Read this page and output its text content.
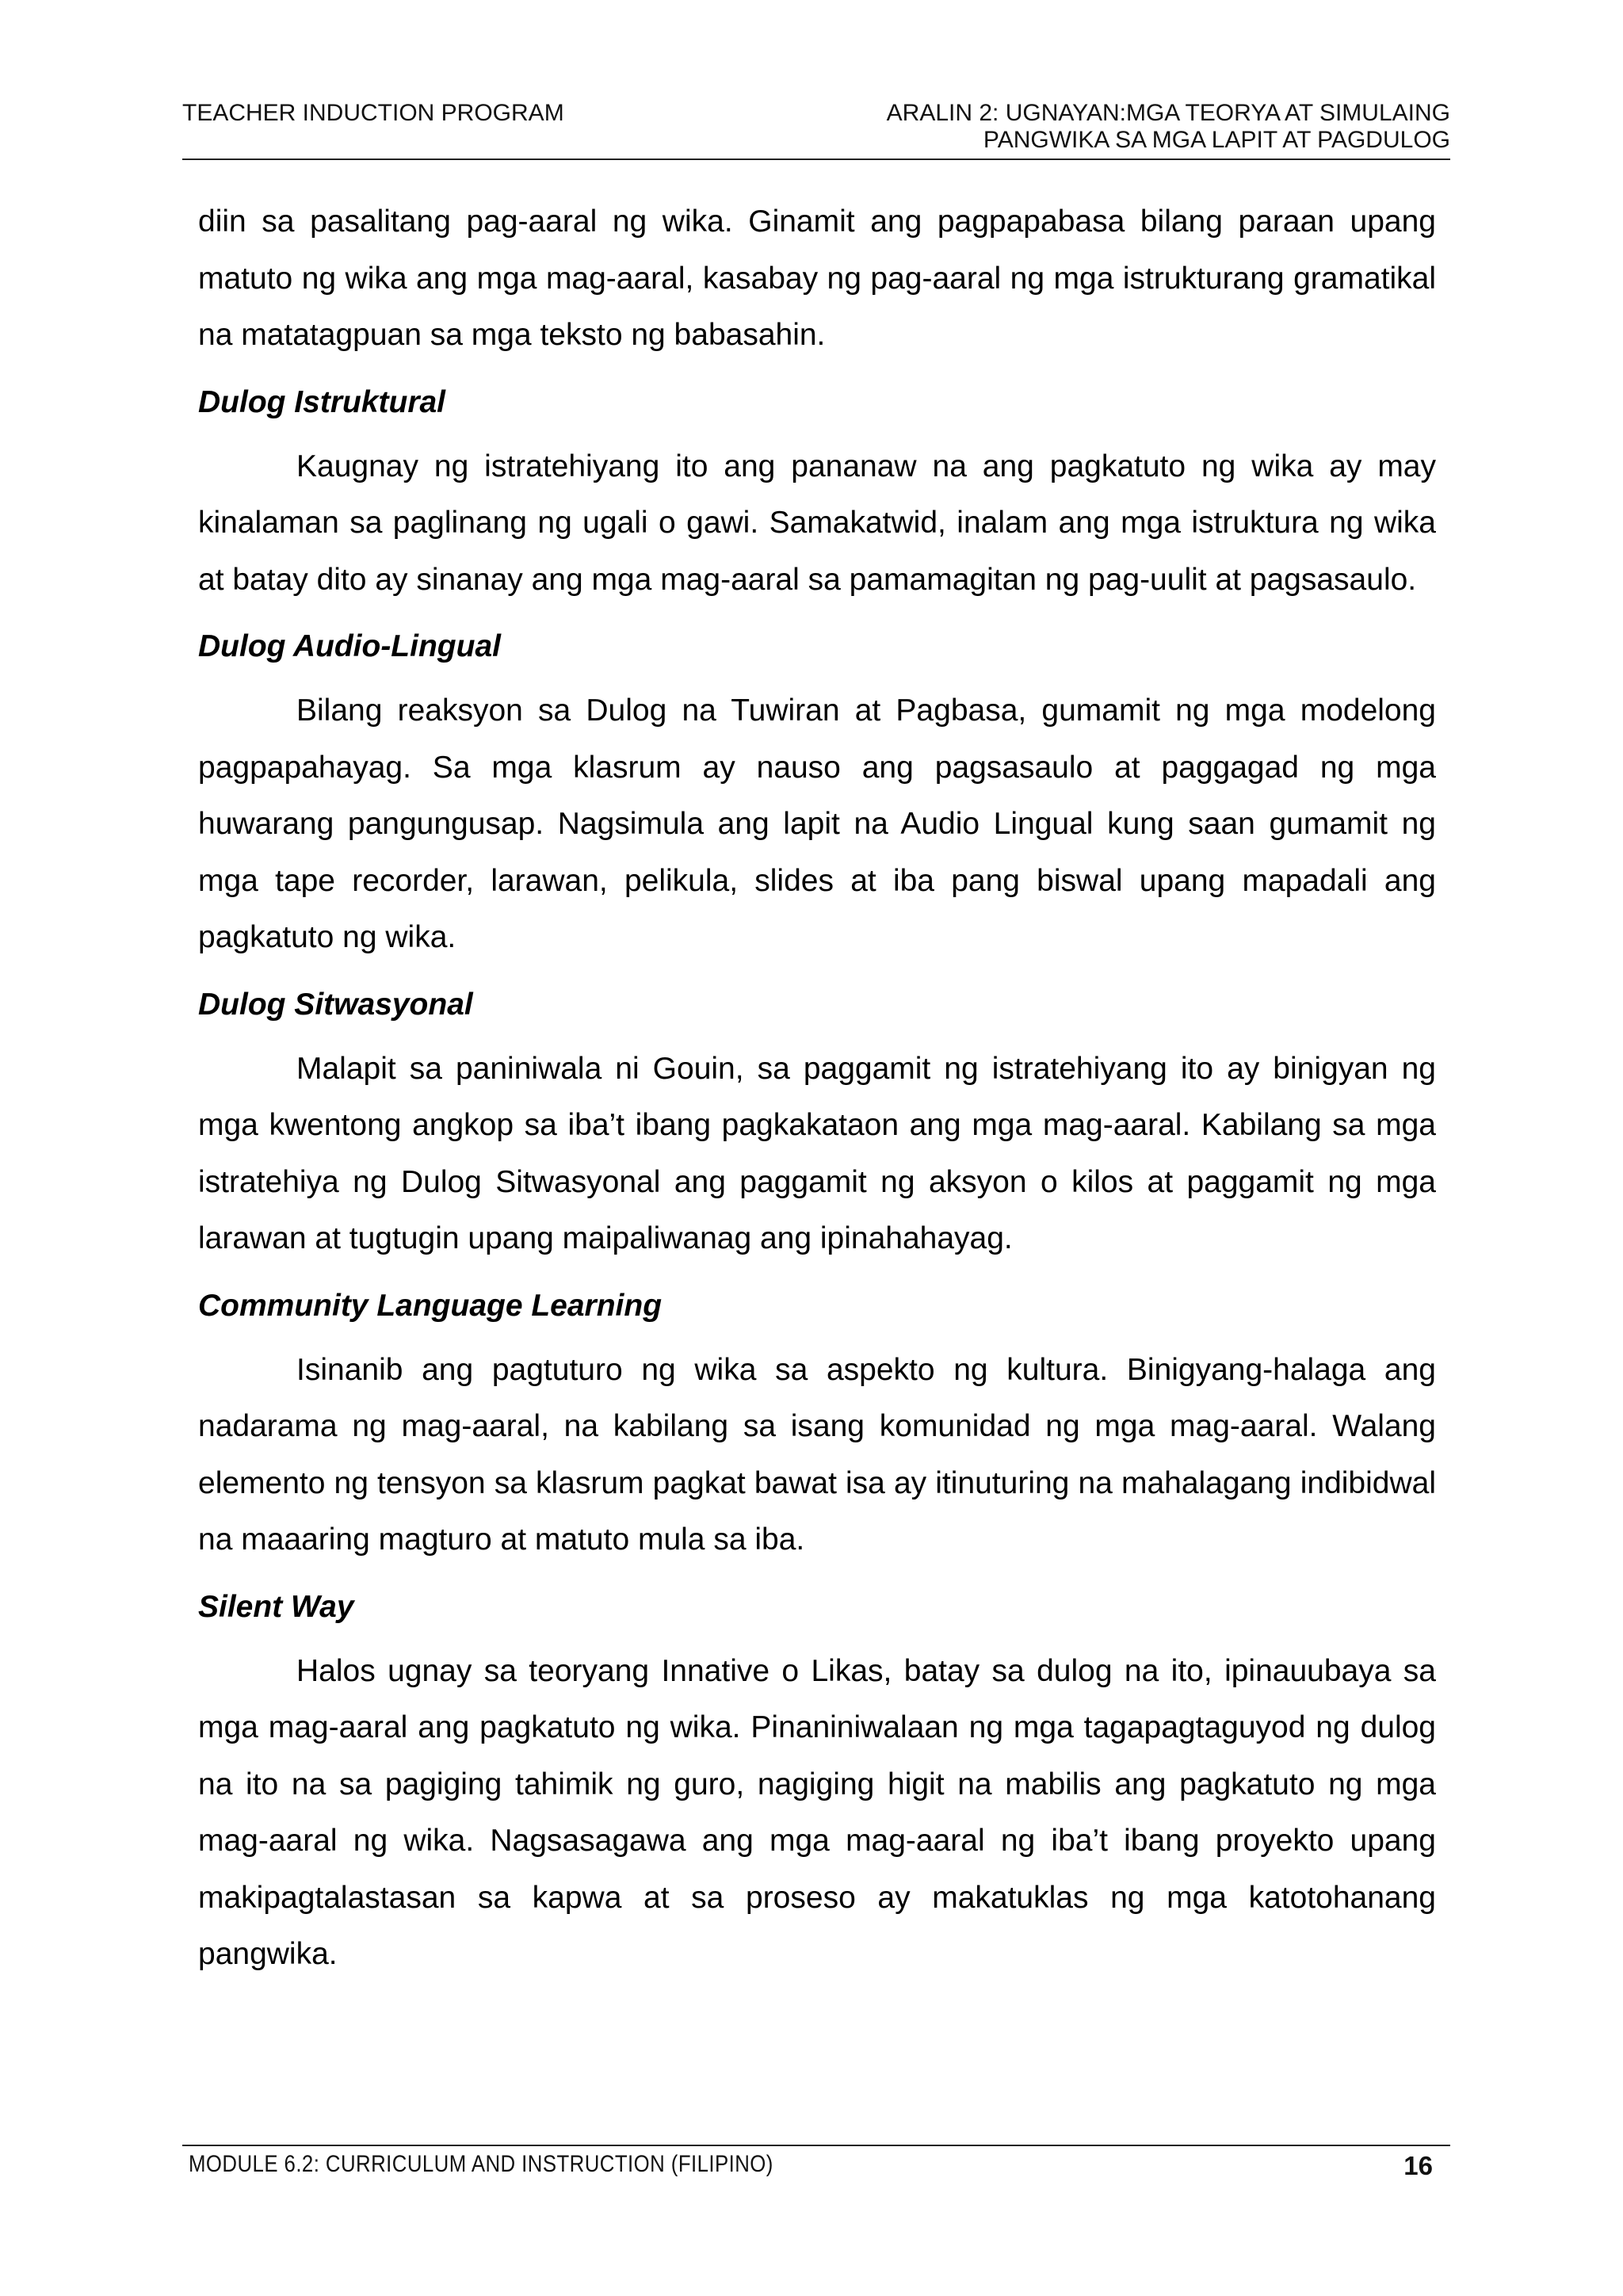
TEACHER INDUCTION PROGRAM	ARALIN 2: UGNAYAN:MGA TEORYA AT SIMULAING
PANGWIKA SA MGA LAPIT AT PAGDULOG

diin sa pasalitang pag-aaral ng wika. Ginamit ang pagpapabasa bilang paraan upang matuto ng wika ang mga mag-aaral, kasabay ng pag-aaral ng mga istrukturang gramatikal na matatagpuan sa mga teksto ng babasahin.

Dulog Istruktural

Kaugnay ng istratehiyang ito ang pananaw na ang pagkatuto ng wika ay may kinalaman sa paglinang ng ugali o gawi. Samakatwid, inalam ang mga istruktura ng wika at batay dito ay sinanay ang mga mag-aaral sa pamamagitan ng pag-uulit at pagsasaulo.

Dulog Audio-Lingual

Bilang reaksyon sa Dulog na Tuwiran at Pagbasa, gumamit ng mga modelong pagpapahayag. Sa mga klasrum ay nauso ang pagsasaulo at paggagad ng mga huwarang pangungusap. Nagsimula ang lapit na Audio Lingual kung saan gumamit ng mga tape recorder, larawan, pelikula, slides at iba pang biswal upang mapadali ang pagkatuto ng wika.

Dulog Sitwasyonal

Malapit sa paniniwala ni Gouin, sa paggamit ng istratehiyang ito ay binigyan ng mga kwentong angkop sa iba’t ibang pagkakataon ang mga mag-aaral. Kabilang sa mga istratehiya ng Dulog Sitwasyonal ang paggamit ng aksyon o kilos at paggamit ng mga larawan at tugtugin upang maipaliwanag ang ipinahahayag.

Community Language Learning

Isinanib ang pagtuturo ng wika sa aspekto ng kultura. Binigyang-halaga ang nadarama ng mag-aaral, na kabilang sa isang komunidad ng mga mag-aaral. Walang elemento ng tensyon sa klasrum pagkat bawat isa ay itinuturing na mahalagang indibidwal na maaaring magturo at matuto mula sa iba.

Silent Way

Halos ugnay sa teoryang Innative o Likas, batay sa dulog na ito, ipinauubaya sa mga mag-aaral ang pagkatuto ng wika. Pinaniniwalaan ng mga tagapagtaguyod ng dulog na ito na sa pagiging tahimik ng guro, nagiging higit na mabilis ang pagkatuto ng mga mag-aaral ng wika. Nagsasagawa ang mga mag-aaral ng iba’t ibang proyekto upang makipagtalastasan sa kapwa at sa proseso ay makatuklas ng mga katotohanang pangwika.

MODULE 6.2: CURRICULUM AND INSTRUCTION (FILIPINO)	16
